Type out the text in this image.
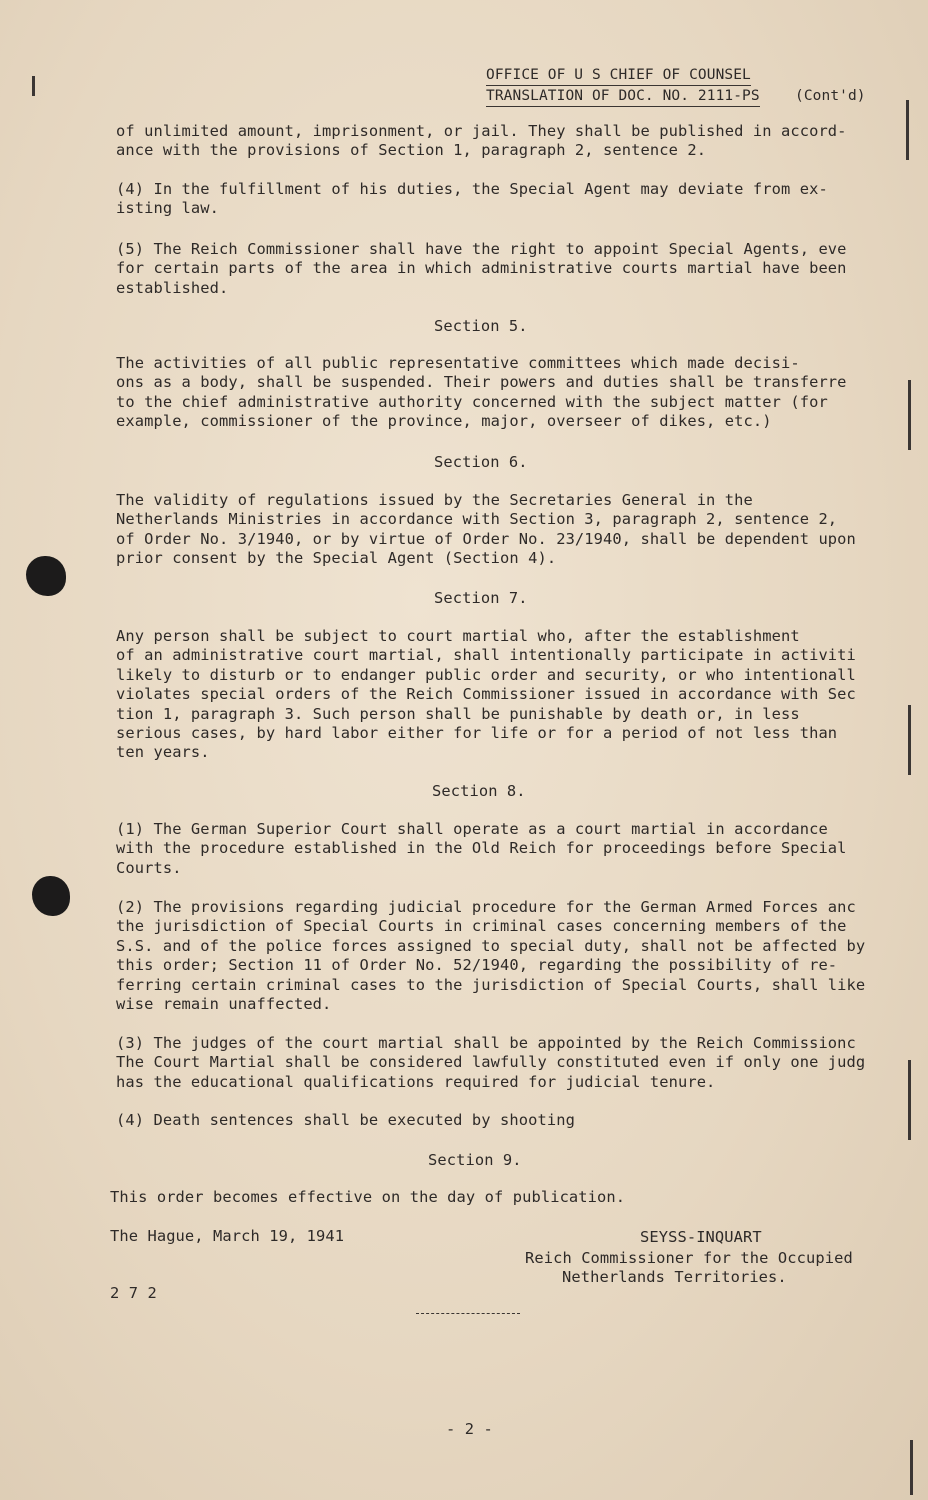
OFFICE OF U S CHIEF OF COUNSEL

TRANSLATION OF DOC. NO. 2111-PS (Cont'd)

of unlimited amount, imprisonment, or jail. They shall be published in accord-
ance with the provisions of Section 1, paragraph 2, sentence 2.

(4) In the fulfillment of his duties, the Special Agent may deviate from ex-
isting law.

(5) The Reich Commissioner shall have the right to appoint Special Agents, eve
for certain parts of the area in which administrative courts martial have been
established.

Section 5.

The activities of all public representative committees which made decisi-
ons as a body, shall be suspended. Their powers and duties shall be transferre
to the chief administrative authority concerned with the subject matter (for
example, commissioner of the province, major, overseer of dikes, etc.)

Section 6.

The validity of regulations issued by the Secretaries General in the
Netherlands Ministries in accordance with Section 3, paragraph 2, sentence 2,
of Order No. 3/1940, or by virtue of Order No. 23/1940, shall be dependent upon
prior consent by the Special Agent (Section 4).

Section 7.

Any person shall be subject to court martial who, after the establishment
of an administrative court martial, shall intentionally participate in activiti
likely to disturb or to endanger public order and security, or who intentionall
violates special orders of the Reich Commissioner issued in accordance with Sec
tion 1, paragraph 3. Such person shall be punishable by death or, in less
serious cases, by hard labor either for life or for a period of not less than
ten years.

Section 8.

(1) The German Superior Court shall operate as a court martial in accordance
with the procedure established in the Old Reich for proceedings before Special
Courts.

(2) The provisions regarding judicial procedure for the German Armed Forces anc
the jurisdiction of Special Courts in criminal cases concerning members of the
S.S. and of the police forces assigned to special duty, shall not be affected by
this order; Section 11 of Order No. 52/1940, regarding the possibility of re-
ferring certain criminal cases to the jurisdiction of Special Courts, shall like
wise remain unaffected.

(3) The judges of the court martial shall be appointed by the Reich Commissionc
The Court Martial shall be considered lawfully constituted even if only one judg
has the educational qualifications required for judicial tenure.

(4) Death sentences shall be executed by shooting

Section 9.

This order becomes effective on the day of publication.

The Hague, March 19, 1941	SEYSS-INQUART

Reich Commissioner for the Occupied

Netherlands Territories.

2 7 2

- 2 -
